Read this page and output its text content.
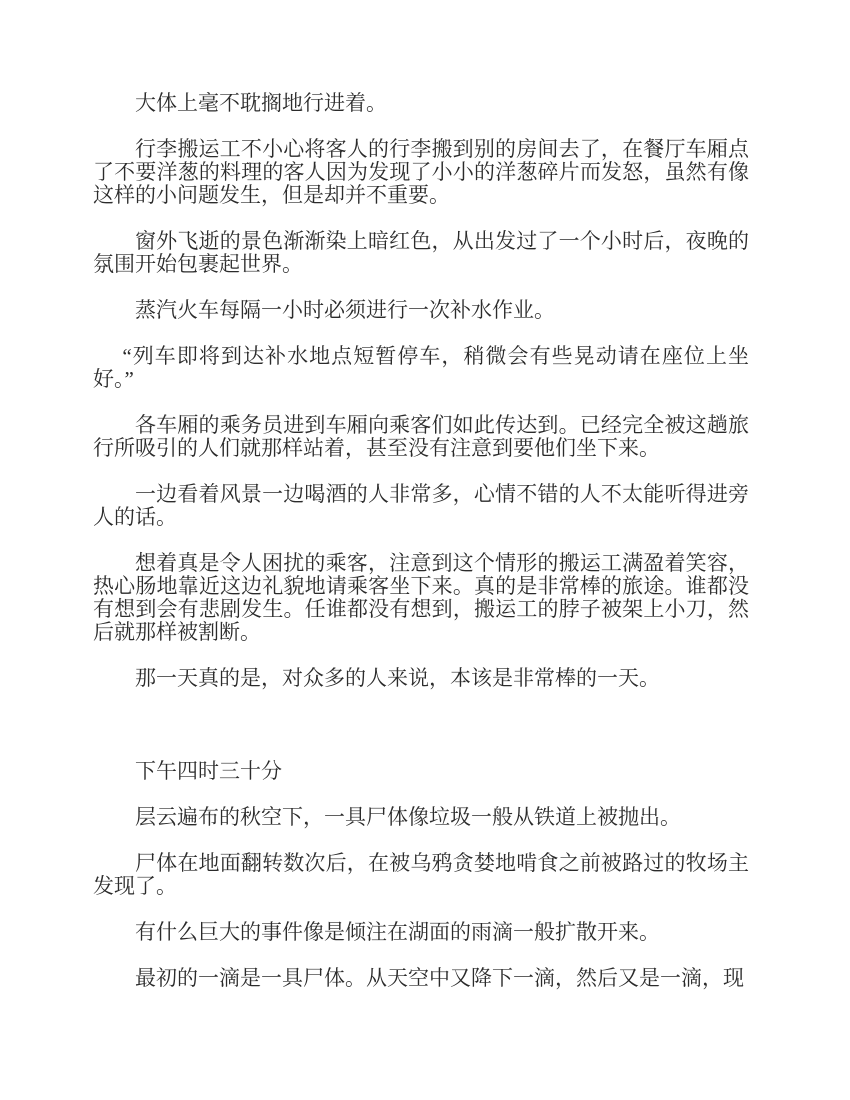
大体上毫不耽搁地行进着。

行李搬运工不小心将客人的行李搬到别的房间去了，在餐厅车厢点了不要洋葱的料理的客人因为发现了小小的洋葱碎片而发怒，虽然有像这样的小问题发生，但是却并不重要。

窗外飞逝的景色渐渐染上暗红色，从出发过了一个小时后，夜晚的氛围开始包裹起世界。

蒸汽火车每隔一小时必须进行一次补水作业。

“列车即将到达补水地点短暂停车，稍微会有些晃动请在座位上坐好。”

各车厢的乘务员进到车厢向乘客们如此传达到。已经完全被这趟旅行所吸引的人们就那样站着，甚至没有注意到要他们坐下来。

一边看着风景一边喝酒的人非常多，心情不错的人不太能听得进旁人的话。

想着真是令人困扰的乘客，注意到这个情形的搬运工满盈着笑容，热心肠地靠近这边礼貌地请乘客坐下来。真的是非常棒的旅途。谁都没有想到会有悲剧发生。任谁都没有想到，搬运工的脖子被架上小刀，然后就那样被割断。

那一天真的是，对众多的人来说，本该是非常棒的一天。

下午四时三十分

层云遍布的秋空下，一具尸体像垃圾一般从铁道上被抛出。

尸体在地面翻转数次后，在被乌鸦贪婪地啃食之前被路过的牧场主发现了。

有什么巨大的事件像是倾注在湖面的雨滴一般扩散开来。

最初的一滴是一具尸体。从天空中又降下一滴，然后又是一滴，现
